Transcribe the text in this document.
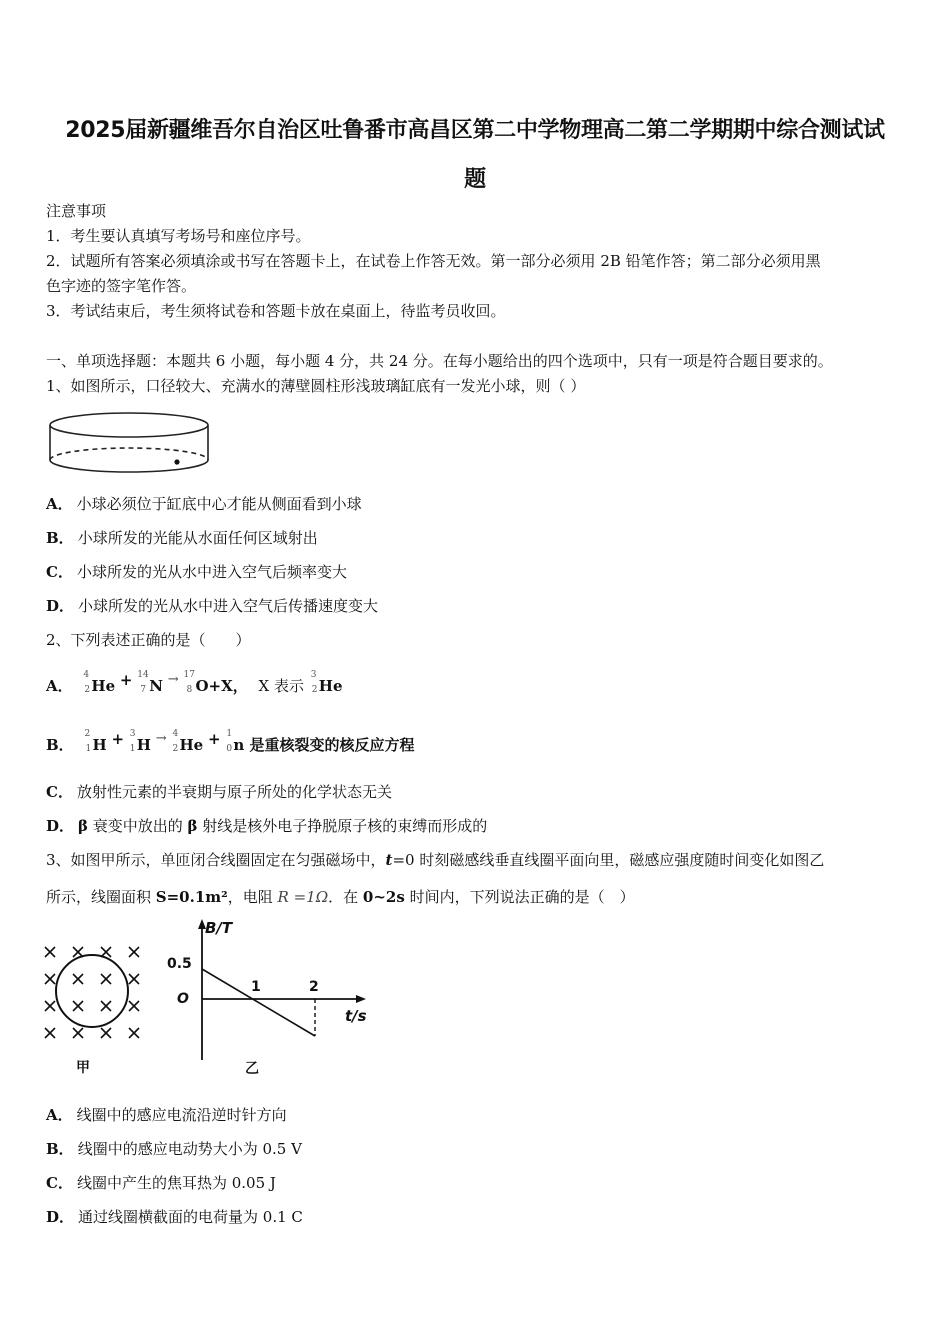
2025届新疆维吾尔自治区吐鲁番市高昌区第二中学物理高二第二学期期中综合测试试
题
注意事项
1．考生要认真填写考场号和座位序号。
2．试题所有答案必须填涂或书写在答题卡上，在试卷上作答无效。第一部分必须用 2B 铅笔作答；第二部分必须用黑
色字迹的签字笔作答。
3．考试结束后，考生须将试卷和答题卡放在桌面上，待监考员收回。
一、单项选择题：本题共 6 小题，每小题 4 分，共 24 分。在每小题给出的四个选项中，只有一项是符合题目要求的。
1、如图所示，口径较大、充满水的薄壁圆柱形浅玻璃缸底有一发光小球，则（ ）
A． 小球必须位于缸底中心才能从侧面看到小球
B． 小球所发的光能从水面任何区域射出
C． 小球所发的光从水中进入空气后频率变大
D． 小球所发的光从水中进入空气后传播速度变大
2、下列表述正确的是（　　）
A．
4
2 He + 14
7 N → 17
8 O+X， X 表示
3
2 He
B．
2
1 H + 3
1 H → 4
2 He + 1
0 n 是重核裂变的核反应方程
C． 放射性元素的半衰期与原子所处的化学状态无关
D． β 衰变中放出的 β 射线是核外电子挣脱原子核的束缚而形成的
3、如图甲所示，单匝闭合线圈固定在匀强磁场中，t=0 时刻磁感线垂直线圈平面向里，磁感应强度随时间变化如图乙
所示，线圈面积 S=0.1m²，电阻 R =1Ω．在 0~2s 时间内，下列说法正确的是（　）
甲
B/T
t/s
0.5
O
1	2
乙
A． 线圈中的感应电流沿逆时针方向
B． 线圈中的感应电动势大小为 0.5 V
C． 线圈中产生的焦耳热为 0.05 J
D． 通过线圈横截面的电荷量为 0.1 C
